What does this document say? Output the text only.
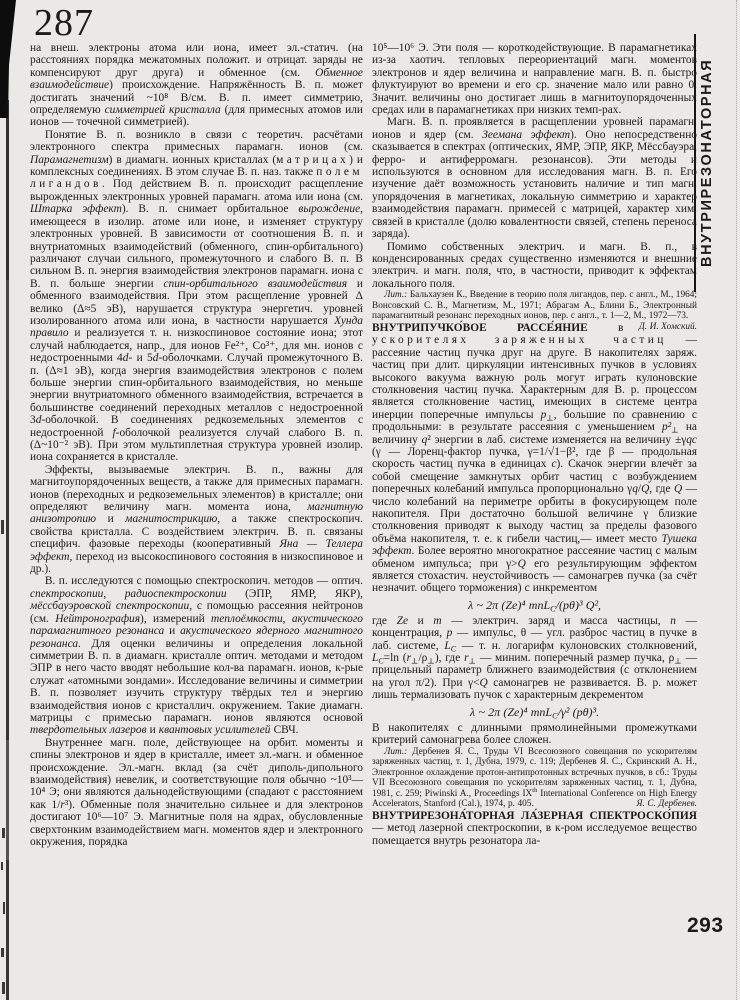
287
293
ВНУТРИРЕЗОНАТОРНАЯ

на внеш. электроны атома или иона, имеет эл.-статич. (на расстояниях порядка межатомных положит. и отрицат. заряды не компенсируют друг друга) и обменное (см. Обменное взаимодействие) происхождение. Напряжённость В. п. может достигать значений ~10⁸ В/см. В. п. имеет симметрию, определяемую симметрией кристалла (для примесных атомов или ионов — точечной симметрией).

Понятие В. п. возникло в связи с теоретич. расчётами электронного спектра примесных парамагн. ионов (см. Парамагнетизм) в диамагн. ионных кристаллах (матрицах) и комплексных соединениях. В этом случае В. п. наз. также полем лигандов. Под действием В. п. происходит расщепление вырожденных электронных уровней парамагн. атома или иона (см. Штарка эффект). В. п. снимает орбитальное вырождение, имеющееся в изолир. атоме или ионе, и изменяет структуру электронных уровней. В зависимости от соотношения В. п. и внутриатомных взаимодействий (обменного, спин-орбитального) различают случаи сильного, промежуточного и слабого В. п. В сильном В. п. энергия взаимодействия электронов парамагн. иона с В. п. больше энергии спин-орбитального взаимодействия и обменного взаимодействия. При этом расщепление уровней Δ велико (Δ≈5 эВ), нарушается структура энергетич. уровней изолированного атома или иона, в частности нарушается Хунда правило и реализуется т. н. низкоспиновое состояние иона; этот случай наблюдается, напр., для ионов Fe²⁺, Co³⁺, для мн. ионов с недостроенными 4d- и 5d-оболочками. Случай промежуточного В. п. (Δ≈1 эВ), когда энергия взаимодействия электронов с полем больше энергии спин-орбитального взаимодействия, но меньше энергии внутриатомного обменного взаимодействия, встречается в большинстве соединений переходных металлов с недостроенной 3d-оболочкой. В соединениях редкоземельных элементов с недостроенной f-оболочкой реализуется случай слабого В. п. (Δ~10⁻² эВ). При этом мультиплетная структура уровней изолир. иона сохраняется в кристалле.

Эффекты, вызываемые электрич. В. п., важны для магнитоупорядоченных веществ, а также для примесных парамагн. ионов (переходных и редкоземельных элементов) в кристалле; они определяют величину магн. момента иона, магнитную анизотропию и магнитострикцию, а также спектроскопич. свойства кристалла. С воздействием электрич. В. п. связаны специфич. фазовые переходы (кооперативный Яна — Теллера эффект, переход из высокоспинового состояния в низкоспиновое и др.).

В. п. исследуются с помощью спектроскопич. методов — оптич. спектроскопии, радиоспектроскопии (ЭПР, ЯМР, ЯКР), мёссбауэровской спектроскопии, с помощью рассеяния нейтронов (см. Нейтронография), измерений теплоёмкости, акустического парамагнитного резонанса и акустического ядерного магнитного резонанса. Для оценки величины и определения локальной симметрии В. п. в диамагн. кристалле оптич. методами и методом ЭПР в него часто вводят небольшие кол-ва парамагн. ионов, к-рые служат «атомными зондами». Исследование величины и симметрии В. п. позволяет изучить структуру твёрдых тел и энергию взаимодействия ионов с кристаллич. окружением. Такие диамагн. матрицы с примесью парамагн. ионов являются основой твердотельных лазеров и квантовых усилителей СВЧ.

Внутреннее магн. поле, действующее на орбит. моменты и спины электронов и ядер в кристалле, имеет эл.-магн. и обменное происхождение. Эл.-магн. вклад (за счёт диполь-дипольного взаимодействия) невелик, и соответствующие поля обычно ~10³—10⁴ Э; они являются дальнодействующими (спадают с расстоянием как 1/r³). Обменные поля значительно сильнее и для электронов достигают 10⁶—10⁷ Э. Магнитные поля на ядрах, обусловленные сверхтонким взаимодействием магн. моментов ядер и электронного окружения, порядка

10⁵—10⁶ Э. Эти поля — короткодействующие. В парамагнетиках из-за хаотич. тепловых переориентаций магн. моментов электронов и ядер величина и направление магн. В. п. быстро флуктуируют во времени и его ср. значение мало или равно 0. Значит. величины оно достигает лишь в магнитоупорядоченных средах или в парамагнетиках при низких темп-рах.

Магн. В. п. проявляется в расщеплении уровней парамагн. ионов и ядер (см. Зеемана эффект). Оно непосредственно сказывается в спектрах (оптических, ЯМР, ЭПР, ЯКР, Мёссбауэра, ферро- и антиферромагн. резонансов). Эти методы и используются в основном для исследования магн. В. п. Его изучение даёт возможность установить наличие и тип магн. упорядочения в магнетиках, локальную симметрию и характер взаимодействия парамагн. примесей с матрицей, характер хим. связей в кристалле (долю ковалентности связей, степень переноса заряда).

Помимо собственных электрич. и магн. В. п., в конденсированных средах существенно изменяются и внешние электрич. и магн. поля, что, в частности, приводит к эффектам локального поля.

Лит.: Бальхаузен К., Введение в теорию поля лигандов, пер. с англ., М., 1964; Вонсовский С. В., Магнетизм, М., 1971; Абрагам А., Блини Б., Электронный парамагнитный резонанс переходных ионов, пер. с англ., т. 1—2, М., 1972—73.
Д. И. Хомский.

ВНУТРИПУЧКО́ВОЕ РАССЕ́ЯНИЕ	в ускорителях заряженных частиц — рассеяние частиц пучка друг на друге. В накопителях заряж. частиц при длит. циркуляции интенсивных пучков в условиях высокого вакуума важную роль могут играть кулоновские столкновения частиц пучка. Характерным для В. р. процессом является столкновение частиц, имеющих в системе центра инерции поперечные импульсы $p_\perp$, большие по сравнению с продольными: в результате рассеяния с уменьшением $p^2_\perp$ на величину q² энергии в лаб. системе изменяется на величину ±γqc (γ — Лоренц-фактор пучка, γ=1/√1−β², где β — продольная скорость частиц пучка в единицах c). Скачок энергии влечёт за собой смещение замкнутых орбит частиц с возбуждением поперечных колебаний импульса пропорционально γq/Q, где Q — число колебаний на периметре орбиты в фокусирующем поле накопителя. При достаточно большой величине γ близкие столкновения приводят к выходу частиц за пределы фазового объёма накопителя, т. е. к гибели частиц,— имеет место Тушека эффект. Более вероятно многократное рассеяние частиц с малым обменом импульса; при γ>Q его результирующим эффектом является стохастич. неустойчивость — самонагрев пучка (за счёт незначит. общего торможения) с инкрементом

λ ~ 2π (Ze)⁴ mnL$_C$/(pθ)³ Q²,

где Ze и m — электрич. заряд и масса частицы, n — концентрация, p — импульс, θ — угл. разброс частиц в пучке в лаб. системе, $L_C$ — т. н. логарифм кулоновских столкновений, $L_C=\ln$ $(r_\perp/\rho_\perp)$, где $r_\perp$ — миним. поперечный размер пучка, $\rho_\perp$ — прицельный параметр ближнего взаимодействия (с отклонением на угол π/2). При γ<Q самонагрев не развивается. В. р. может лишь термализовать пучок с характерным декрементом

λ ~ 2π (Ze)⁴ mnL$_C$/γ² (pθ)³.

В накопителях с длинными прямолинейными промежутками критерий самонагрева более сложен.

Лит.: Дербенев Я. С., Труды VI Всесоюзного совещания по ускорителям заряженных частиц, т. 1, Дубна, 1979, с. 119; Дербенев Я. С., Скринский А. Н., Электронное охлаждение протон-антипротонных встречных пучков, в сб.: Труды VII Всесоюзного совещания по ускорителям заряженных частиц, т. 1, Дубна, 1981, с. 259; Piwinski A., Proceedings IXth International Conference on High Energy Accelerators, Stanford (Cal.), 1974, p. 405.	Я. С. Дербенев.

ВНУТРИРЕЗОНА́ТОРНАЯ ЛА́ЗЕРНАЯ СПЕКТРОСКО́ПИЯ — метод лазерной спектроскопии, в к-ром исследуемое вещество помещается внутрь резонатора ла-
